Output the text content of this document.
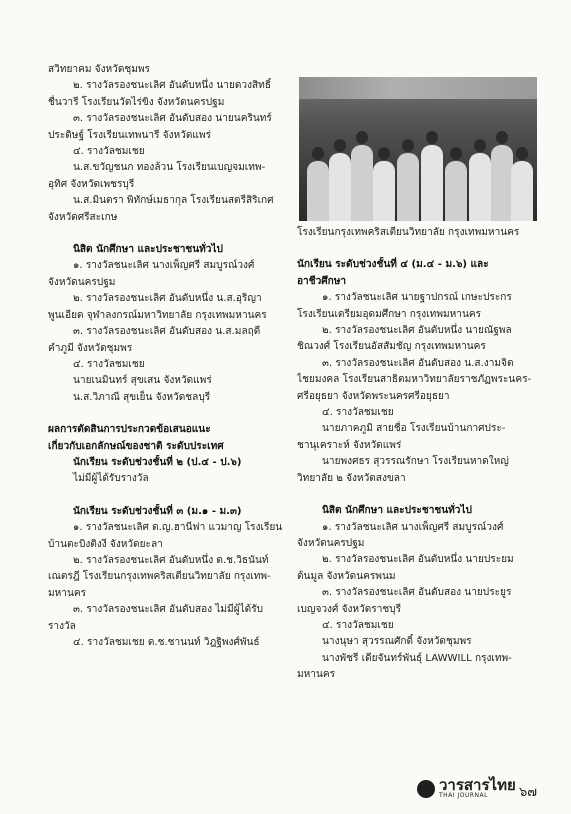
สวิทยาคม จังหวัดชุมพร
๒. รางวัลรองชนะเลิศ อันดับหนึ่ง นายดวงสิทธิ์
ชื่นวารี โรงเรียนวัดไร่ขิง จังหวัดนครปฐม
๓. รางวัลรองชนะเลิศ อันดับสอง นายนครินทร์
ประดิษฐ์ โรงเรียนเทพนารี จังหวัดแพร่
๔. รางวัลชมเชย
น.ส.ขวัญชนก ทองล้วน โรงเรียนเบญจมเทพ-
อุทิศ จังหวัดเพชรบุรี
น.ส.มินตรา พิทักษ์เมธากุล โรงเรียนสตรีสิริเกศ
จังหวัดศรีสะเกษ
นิสิต นักศึกษา และประชาชนทั่วไป
๑. รางวัลชนะเลิศ นางเพ็ญศรี สมบูรณ์วงศ์
จังหวัดนครปฐม
๒. รางวัลรองชนะเลิศ อันดับหนึ่ง น.ส.อุริญา
พูนเอียด จุฬาลงกรณ์มหาวิทยาลัย กรุงเทพมหานคร
๓. รางวัลรองชนะเลิศ อันดับสอง น.ส.มลฤดี
คำภูมี จังหวัดชุมพร
๔. รางวัลชมเชย
นายเนมินทร์ สุขเสน จังหวัดแพร่
น.ส.วิภาณี สุขเย็น จังหวัดชลบุรี
ผลการตัดสินการประกวดข้อเสนอแนะ
เกี่ยวกับเอกลักษณ์ของชาติ ระดับประเทศ
นักเรียน ระดับช่วงชั้นที่ ๒ (ป.๔ - ป.๖)
ไม่มีผู้ได้รับรางวัล
นักเรียน ระดับช่วงชั้นที่ ๓ (ม.๑ - ม.๓)
๑. รางวัลชนะเลิศ ด.ญ.ฮานีฟา แวมาญ โรงเรียน
บ้านตะบิงติงงี จังหวัดยะลา
๒. รางวัลรองชนะเลิศ อันดับหนึ่ง ด.ช.วิธนันท์
เณตรฎี โรงเรียนกรุงเทพคริสเตียนวิทยาลัย กรุงเทพ-
มหานคร
๓. รางวัลรองชนะเลิศ อันดับสอง ไม่มีผู้ได้รับ
รางวัล
๔. รางวัลชมเชย ด.ช.ชานนท์ วิฎฐิพงศ์พันธ์
โรงเรียนกรุงเทพคริสเตียนวิทยาลัย กรุงเทพมหานคร
นักเรียน ระดับช่วงชั้นที่ ๔ (ม.๔ - ม.๖) และ
อาชีวศึกษา
๑. รางวัลชนะเลิศ นายฐาปกรณ์ เกษะประกร
โรงเรียนเตรียมอุดมศึกษา กรุงเทพมหานคร
๒. รางวัลรองชนะเลิศ อันดับหนึ่ง นายณัฐพล
ชิณวงศ์ โรงเรียนอัสสัมชัญ กรุงเทพมหานคร
๓. รางวัลรองชนะเลิศ อันดับสอง น.ส.งามจิต
ไชยมงคล โรงเรียนสาธิตมหาวิทยาลัยราชภัฏพระนคร-
ศรีอยุธยา จังหวัดพระนครศรีอยุธยา
๔. รางวัลชมเชย
นายภาคภูมิ สายชื่อ โรงเรียนบ้านกาศประ-
ชานุเคราะห์ จังหวัดแพร่
นายพงศธร สุวรรณรักษา โรงเรียนหาดใหญ่
วิทยาลัย ๒ จังหวัดสงขลา
นิสิต นักศึกษา และประชาชนทั่วไป
๑. รางวัลชนะเลิศ นางเพ็ญศรี สมบูรณ์วงศ์
จังหวัดนครปฐม
๒. รางวัลรองชนะเลิศ อันดับหนึ่ง นายประยม
ต้นมูล จังหวัดนครพนม
๓. รางวัลรองชนะเลิศ อันดับสอง นายประยูร
เบญจวงศ์ จังหวัดราชบุรี
๔. รางวัลชมเชย
นางนุษา สุวรรณศักดิ์ จังหวัดชุมพร
นางพัชรี เดียจันทร์พันธุ์ LAWWILL กรุงเทพ-
มหานคร
วารสารไทย
THAI JOURNAL	๖๗
